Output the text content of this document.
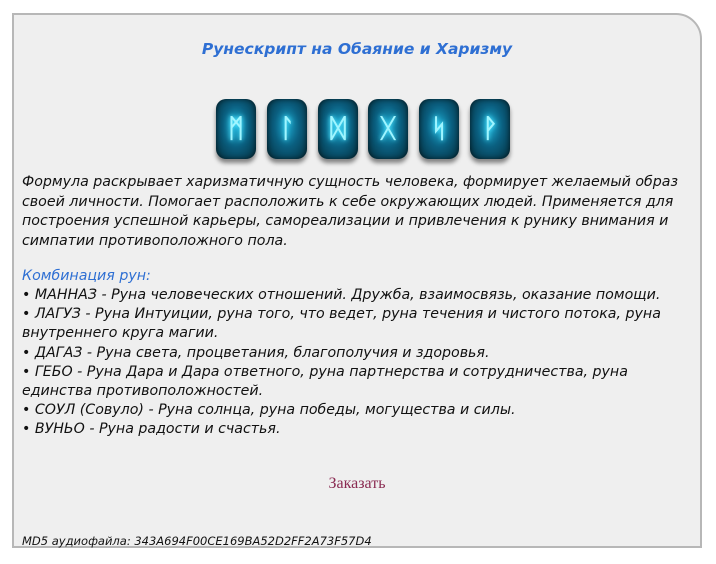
Рунескрипт на Обаяние и Харизму
ᛗ ᛚ ᛞ ᚷ ᛋ ᚹ
Формула раскрывает харизматичную сущность человека, формирует желаемый образ своей личности. Помогает расположить к себе окружающих людей. Применяется для построения успешной карьеры, самореализации и привлечения к рунику внимания и симпатии противоположного пола.
Комбинация рун:
• МАННАЗ - Руна человеческих отношений. Дружба, взаимосвязь, оказание помощи.
• ЛАГУЗ - Руна Интуиции, руна того, что ведет, руна течения и чистого потока, руна внутреннего круга магии.
• ДАГАЗ - Руна света, процветания, благополучия и здоровья.
• ГЕБО - Руна Дара и Дара ответного, руна партнерства и сотрудничества, руна единства противоположностей.
• СОУЛ (Совуло) - Руна солнца, руна победы, могущества и силы.
• ВУНЬО - Руна радости и счастья.
Заказать
MD5 аудиофайла: 343A694F00CE169BA52D2FF2A73F57D4
